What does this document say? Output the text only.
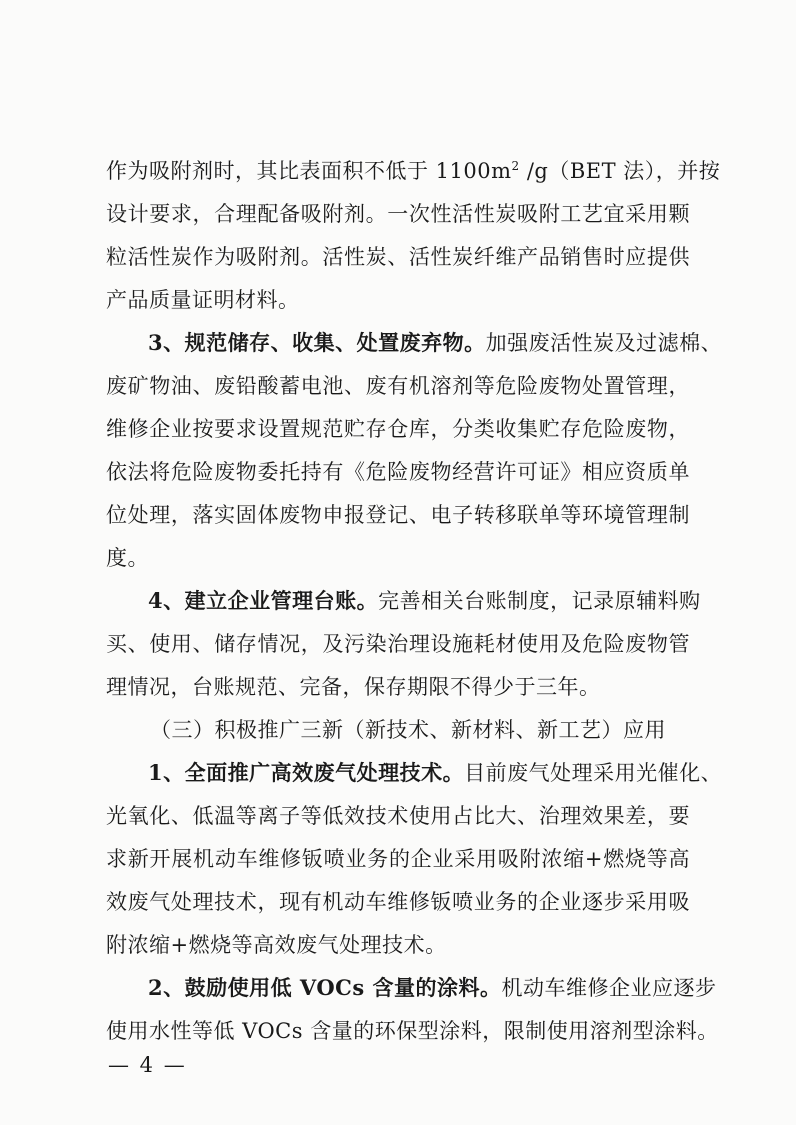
作为吸附剂时，其比表面积不低于 $1100m^2$ /g（BET 法），并按
设计要求，合理配备吸附剂。一次性活性炭吸附工艺宜采用颗
粒活性炭作为吸附剂。活性炭、活性炭纤维产品销售时应提供
产品质量证明材料。
3、规范储存、收集、处置废弃物。加强废活性炭及过滤棉、
废矿物油、废铅酸蓄电池、废有机溶剂等危险废物处置管理，
维修企业按要求设置规范贮存仓库，分类收集贮存危险废物，
依法将危险废物委托持有《危险废物经营许可证》相应资质单
位处理，落实固体废物申报登记、电子转移联单等环境管理制
度。
4、建立企业管理台账。完善相关台账制度，记录原辅料购
买、使用、储存情况，及污染治理设施耗材使用及危险废物管
理情况，台账规范、完备，保存期限不得少于三年。
（三）积极推广三新（新技术、新材料、新工艺）应用
1、全面推广高效废气处理技术。目前废气处理采用光催化、
光氧化、低温等离子等低效技术使用占比大、治理效果差，要
求新开展机动车维修钣喷业务的企业采用吸附浓缩+燃烧等高
效废气处理技术，现有机动车维修钣喷业务的企业逐步采用吸
附浓缩+燃烧等高效废气处理技术。
2、鼓励使用低 VOCs 含量的涂料。机动车维修企业应逐步
使用水性等低 VOCs 含量的环保型涂料，限制使用溶剂型涂料。
— 4 —
